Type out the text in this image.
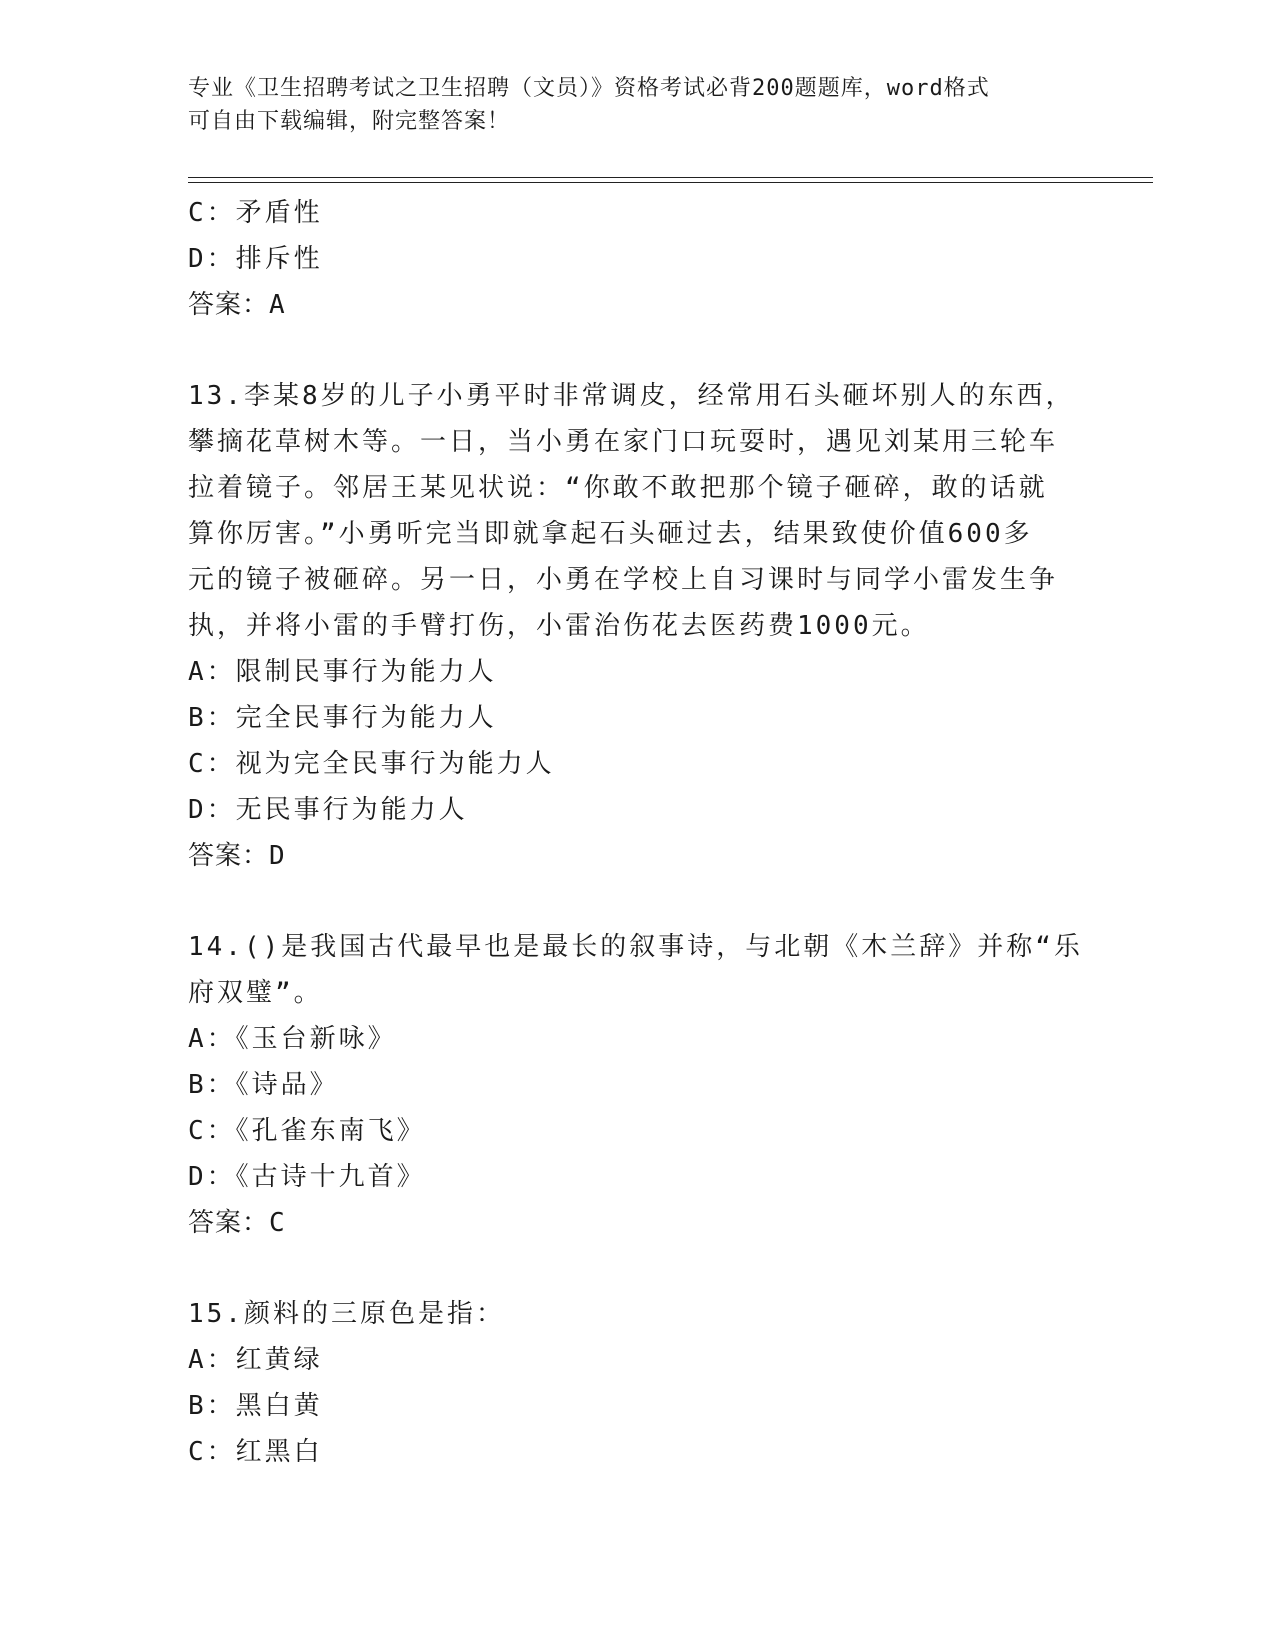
专业《卫生招聘考试之卫生招聘（文员）》资格考试必背200题题库，word格式
可自由下载编辑，附完整答案！
C：矛盾性
D：排斥性
答案：A
13.李某8岁的儿子小勇平时非常调皮，经常用石头砸坏别人的东西，
攀摘花草树木等。一日，当小勇在家门口玩耍时，遇见刘某用三轮车
拉着镜子。邻居王某见状说：“你敢不敢把那个镜子砸碎，敢的话就
算你厉害。”小勇听完当即就拿起石头砸过去，结果致使价值600多
元的镜子被砸碎。另一日，小勇在学校上自习课时与同学小雷发生争
执，并将小雷的手臂打伤，小雷治伤花去医药费1000元。
A：限制民事行为能力人
B：完全民事行为能力人
C：视为完全民事行为能力人
D：无民事行为能力人
答案：D
14.()是我国古代最早也是最长的叙事诗，与北朝《木兰辞》并称“乐
府双璧”。
A：《玉台新咏》
B：《诗品》
C：《孔雀东南飞》
D：《古诗十九首》
答案：C
15.颜料的三原色是指：
A：红黄绿
B：黑白黄
C：红黑白
